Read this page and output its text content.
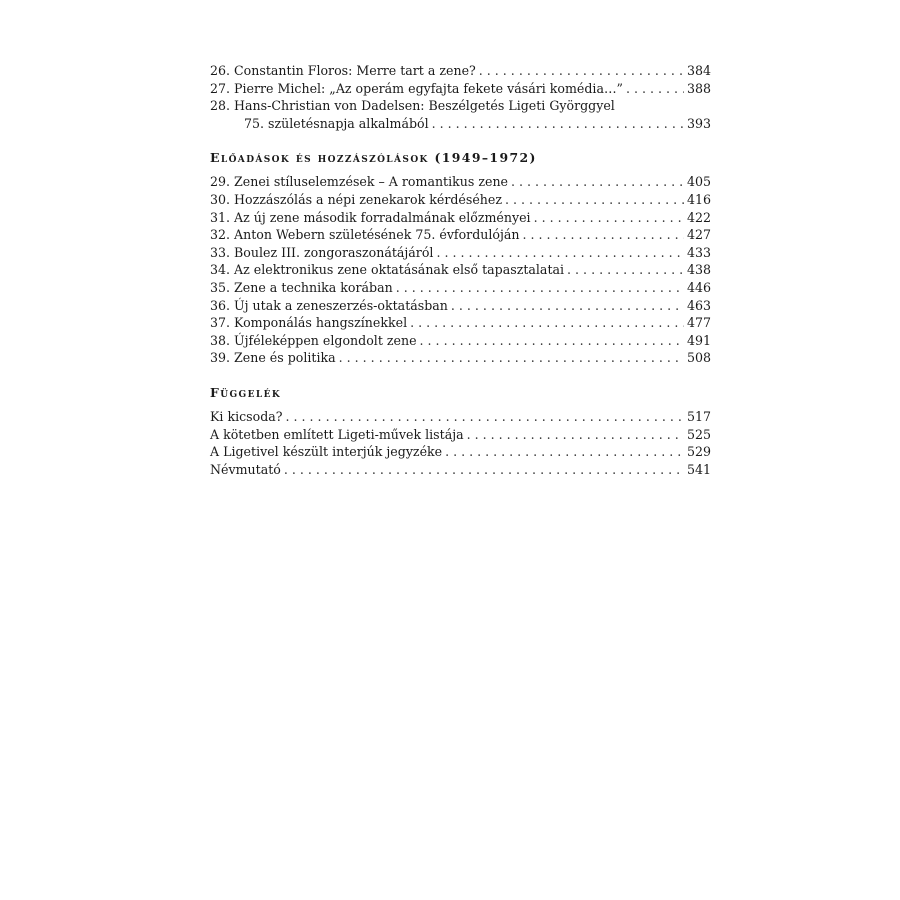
26. Constantin Floros: Merre tart a zene? . . .	384
27. Pierre Michel: „Az operám egyfajta fekete vásári komédia…” . . .	388
28. Hans-Christian von Dadelsen: Beszélgetés Ligeti Györggyel
75. születésnapja alkalmából . . .	393
Előadások és hozzászólások (1949–1972)
29. Zenei stíluselemzések – A romantikus zene . . .	405
30. Hozzászólás a népi zenekarok kérdéséhez . . .	416
31. Az új zene második forradalmának előzményei . . .	422
32. Anton Webern születésének 75. évfordulóján . . .	427
33. Boulez III. zongoraszonátájáról . . .	433
34. Az elektronikus zene oktatásának első tapasztalatai . . .	438
35. Zene a technika korában . . .	446
36. Új utak a zeneszerzés-oktatásban . . .	463
37. Komponálás hangszínekkel . . .	477
38. Újféleképpen elgondolt zene . . .	491
39. Zene és politika . . .	508
Függelék
Ki kicsoda? . . .	517
A kötetben említett Ligeti-művek listája . . .	525
A Ligetivel készült interjúk jegyzéke . . .	529
Névmutató . . .	541
